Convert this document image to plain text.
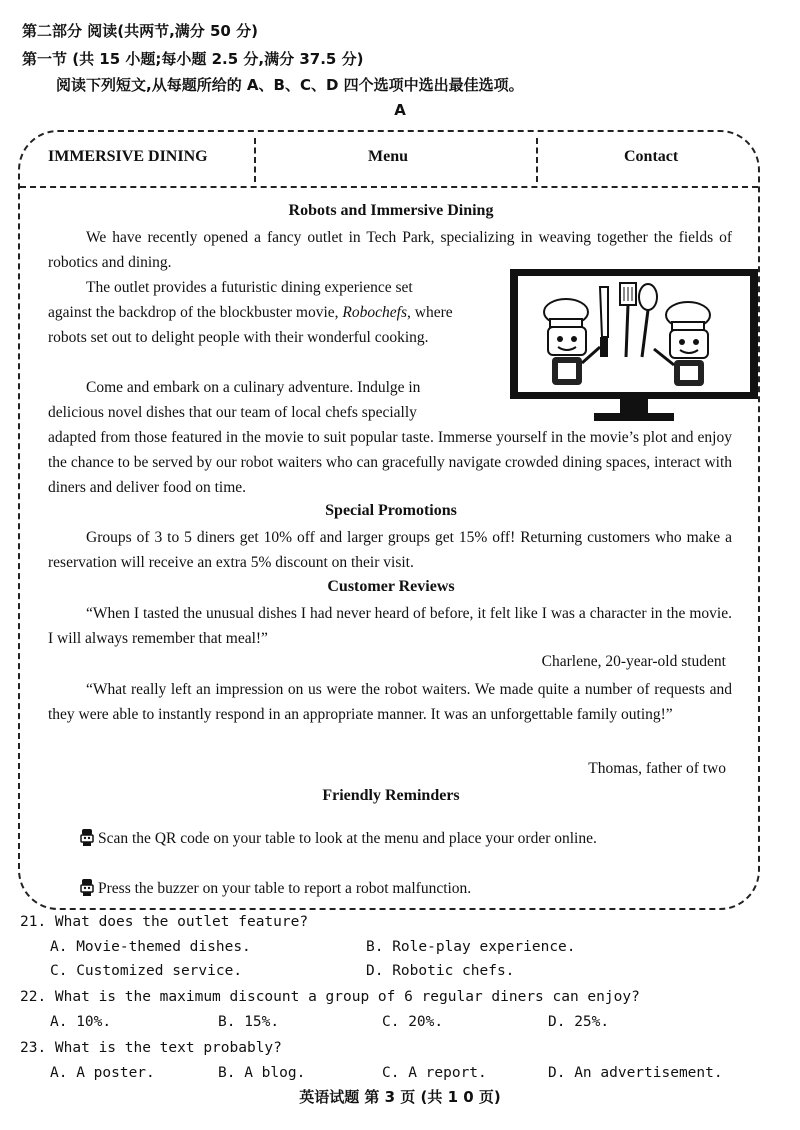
第二部分 阅读(共两节,满分 50 分)
第一节 (共 15 小题;每小题 2.5 分,满分 37.5 分)
阅读下列短文,从每题所给的 A、B、C、D 四个选项中选出最佳选项。
A
IMMERSIVE DINING	Menu	Contact
Robots and Immersive Dining
We have recently opened a fancy outlet in Tech Park, specializing in weaving together the fields of robotics and dining.
The outlet provides a futuristic dining experience set against the backdrop of the blockbuster movie, Robochefs, where robots set out to delight people with their wonderful cooking.
Come and embark on a culinary adventure. Indulge in delicious novel dishes that our team of local chefs specially
adapted from those featured in the movie to suit popular taste. Immerse yourself in the movie’s plot and enjoy the chance to be served by our robot waiters who can gracefully navigate crowded dining spaces, interact with diners and deliver food on time.
Special Promotions
Groups of 3 to 5 diners get 10% off and larger groups get 15% off! Returning customers who make a reservation will receive an extra 5% discount on their visit.
Customer Reviews
“When I tasted the unusual dishes I had never heard of before, it felt like I was a character in the movie. I will always remember that meal!”
Charlene, 20-year-old student
“What really left an impression on us were the robot waiters. We made quite a number of requests and they were able to instantly respond in an appropriate manner. It was an unforgettable family outing!”
Thomas, father of two
Friendly Reminders
Scan the QR code on your table to look at the menu and place your order online.
Press the buzzer on your table to report a robot malfunction.
21. What does the outlet feature?
A. Movie-themed dishes.	B. Role-play experience.
C. Customized service.	D. Robotic chefs.
22. What is the maximum discount a group of 6 regular diners can enjoy?
A. 10%.	B. 15%.	C. 20%.	D. 25%.
23. What is the text probably?
A. A poster.	B. A blog.	C. A report.	D. An advertisement.
英语试题 第 3 页 (共 1 0 页)
